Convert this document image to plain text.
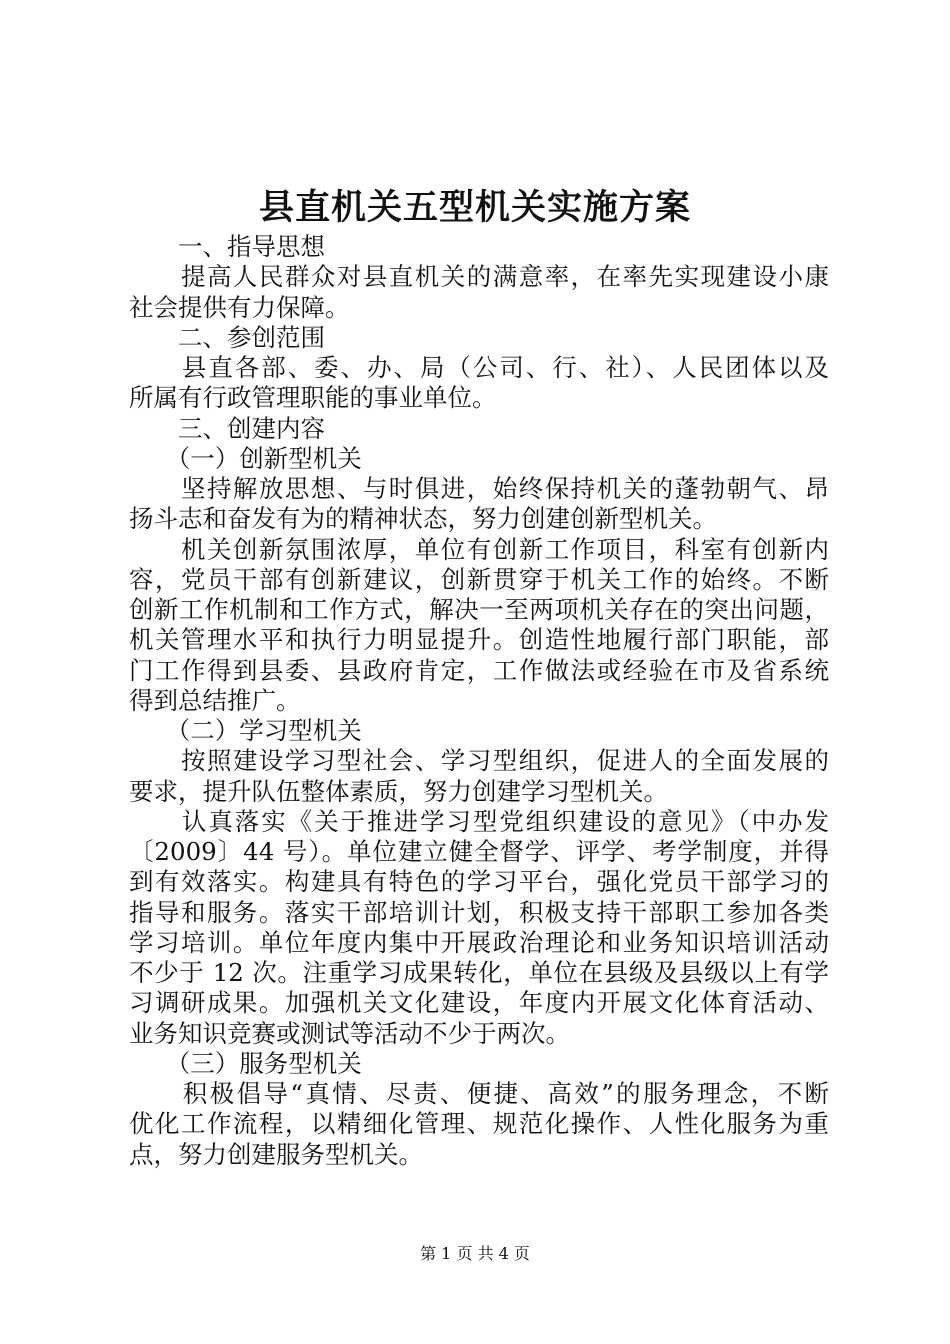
县直机关五型机关实施方案
　　一、指导思想
　　提高人民群众对县直机关的满意率，在率先实现建设小康
社会提供有力保障。
　　二、参创范围
　　县直各部、委、办、局（公司、行、社）、人民团体以及
所属有行政管理职能的事业单位。
　　三、创建内容
　　（一）创新型机关
　　坚持解放思想、与时俱进，始终保持机关的蓬勃朝气、昂
扬斗志和奋发有为的精神状态，努力创建创新型机关。
　　机关创新氛围浓厚，单位有创新工作项目，科室有创新内
容，党员干部有创新建议，创新贯穿于机关工作的始终。不断
创新工作机制和工作方式，解决一至两项机关存在的突出问题，
机关管理水平和执行力明显提升。创造性地履行部门职能，部
门工作得到县委、县政府肯定，工作做法或经验在市及省系统
得到总结推广。
　　（二）学习型机关
　　按照建设学习型社会、学习型组织，促进人的全面发展的
要求，提升队伍整体素质，努力创建学习型机关。
　　认真落实《关于推进学习型党组织建设的意见》（中办发
〔2009〕44 号）。单位建立健全督学、评学、考学制度，并得
到有效落实。构建具有特色的学习平台，强化党员干部学习的
指导和服务。落实干部培训计划，积极支持干部职工参加各类
学习培训。单位年度内集中开展政治理论和业务知识培训活动
不少于 12 次。注重学习成果转化，单位在县级及县级以上有学
习调研成果。加强机关文化建设，年度内开展文化体育活动、
业务知识竞赛或测试等活动不少于两次。
　　（三）服务型机关
　　积极倡导“真情、尽责、便捷、高效”的服务理念，不断
优化工作流程，以精细化管理、规范化操作、人性化服务为重
点，努力创建服务型机关。
第 1 页 共 4 页
